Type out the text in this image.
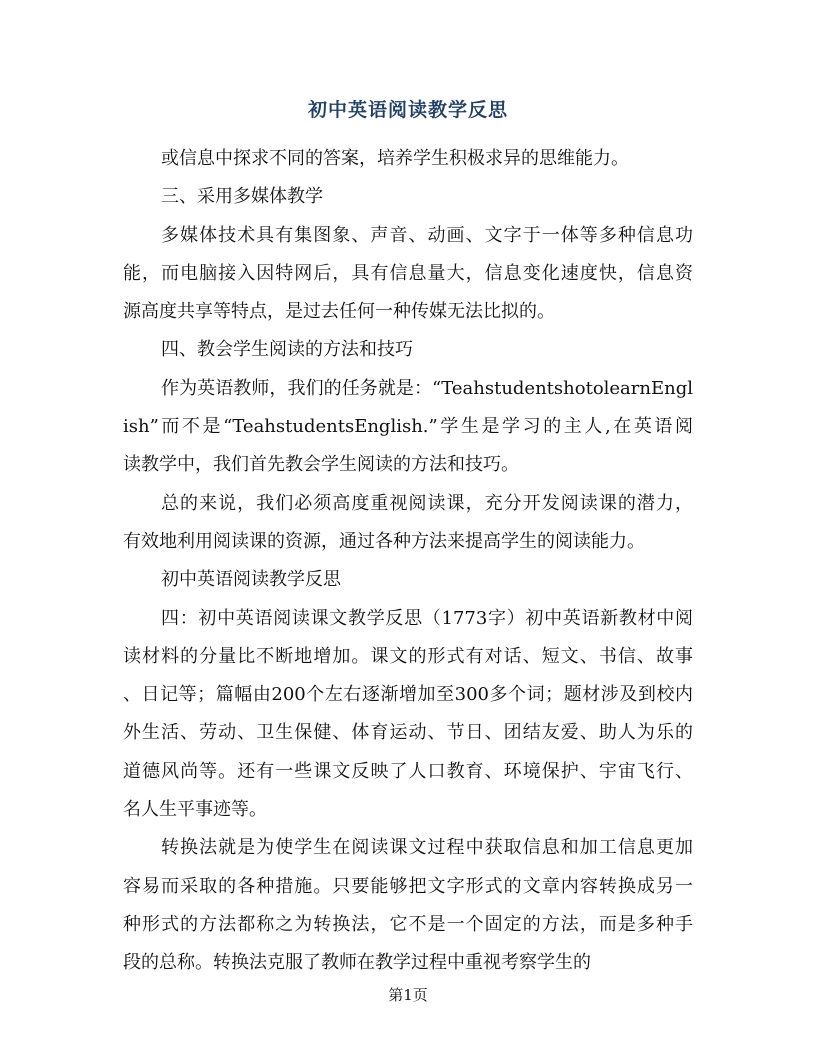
初中英语阅读教学反思
或信息中探求不同的答案，培养学生积极求异的思维能力。
三、采用多媒体教学
多媒体技术具有集图象、声音、动画、文字于一体等多种信息功
能，而电脑接入因特网后，具有信息量大，信息变化速度快，信息资
源高度共享等特点，是过去任何一种传媒无法比拟的。
四、教会学生阅读的方法和技巧
作为英语教师，我们的任务就是：“TeahstudentshotolearnEngl
ish”而不是“TeahstudentsEnglish.”学生是学习的主人,在英语阅
读教学中，我们首先教会学生阅读的方法和技巧。
总的来说，我们必须高度重视阅读课，充分开发阅读课的潜力，
有效地利用阅读课的资源，通过各种方法来提高学生的阅读能力。
初中英语阅读教学反思
四：初中英语阅读课文教学反思（1773字）初中英语新教材中阅
读材料的分量比不断地增加。课文的形式有对话、短文、书信、故事
、日记等；篇幅由200个左右逐渐增加至300多个词；题材涉及到校内
外生活、劳动、卫生保健、体育运动、节日、团结友爱、助人为乐的
道德风尚等。还有一些课文反映了人口教育、环境保护、宇宙飞行、
名人生平事迹等。
转换法就是为使学生在阅读课文过程中获取信息和加工信息更加
容易而采取的各种措施。只要能够把文字形式的文章内容转换成另一
种形式的方法都称之为转换法，它不是一个固定的方法，而是多种手
段的总称。转换法克服了教师在教学过程中重视考察学生的
第1页
